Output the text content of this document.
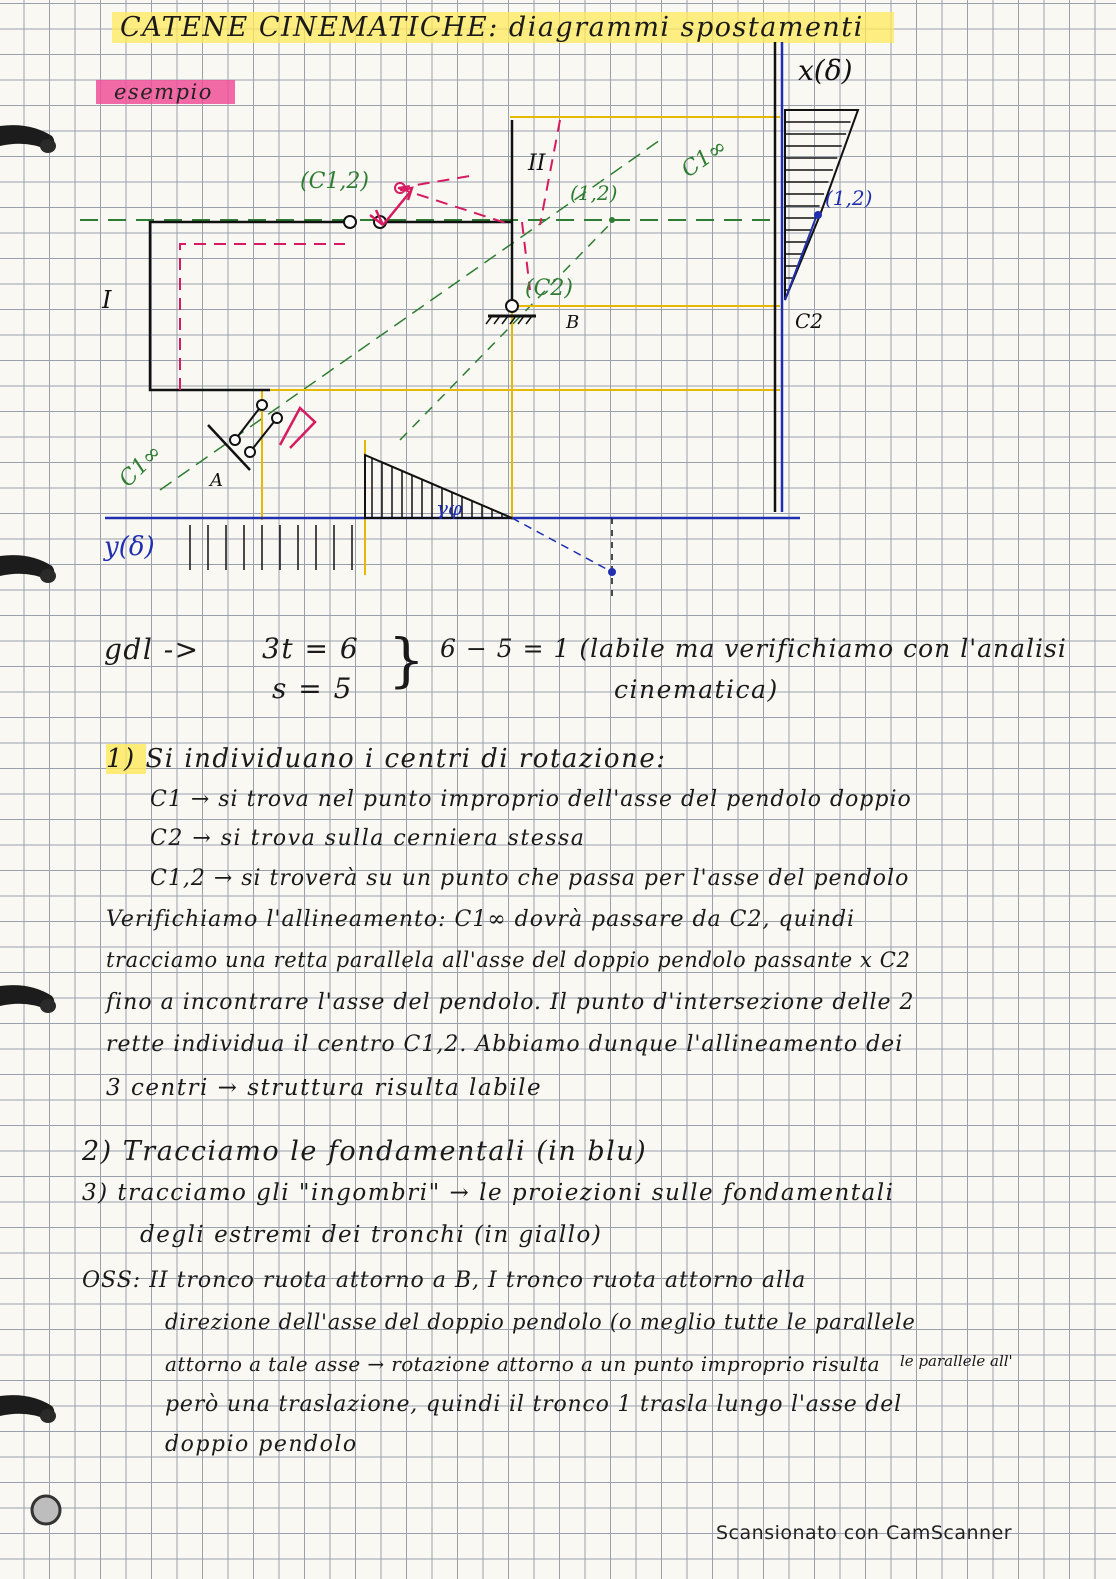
CATENE CINEMATICHE: diagrammi spostamenti
esempio
x(δ)
y(δ)
(C1,2)	(1,2)	(1,2)
(C2)
C2
C1∞
C1∞
II
I
A
B
γφ
gdl -> 3t = 6
s = 5 } 6 − 5 = 1 (labile ma verifichiamo con l'analisi
cinematica)
1) Si individuano i centri di rotazione:
C1 → si trova nel punto improprio dell'asse del pendolo doppio
C2 → si trova sulla cerniera stessa
C1,2 → si troverà su un punto che passa per l'asse del pendolo
Verifichiamo l'allineamento: C1∞ dovrà passare da C2, quindi
tracciamo una retta parallela all'asse del doppio pendolo passante x C2
fino a incontrare l'asse del pendolo. Il punto d'intersezione delle 2
rette individua il centro C1,2. Abbiamo dunque l'allineamento dei
3 centri → struttura risulta labile
2) Tracciamo le fondamentali (in blu)
3) tracciamo gli "ingombri" → le proiezioni sulle fondamentali
degli estremi dei tronchi (in giallo)
OSS: II tronco ruota attorno a B, I tronco ruota attorno alla
direzione dell'asse del doppio pendolo (o meglio tutte le parallele
attorno a tale asse → rotazione attorno a un punto improprio risulta le parallele all'
però una traslazione, quindi il tronco 1 trasla lungo l'asse del
doppio pendolo
Scansionato con CamScanner
